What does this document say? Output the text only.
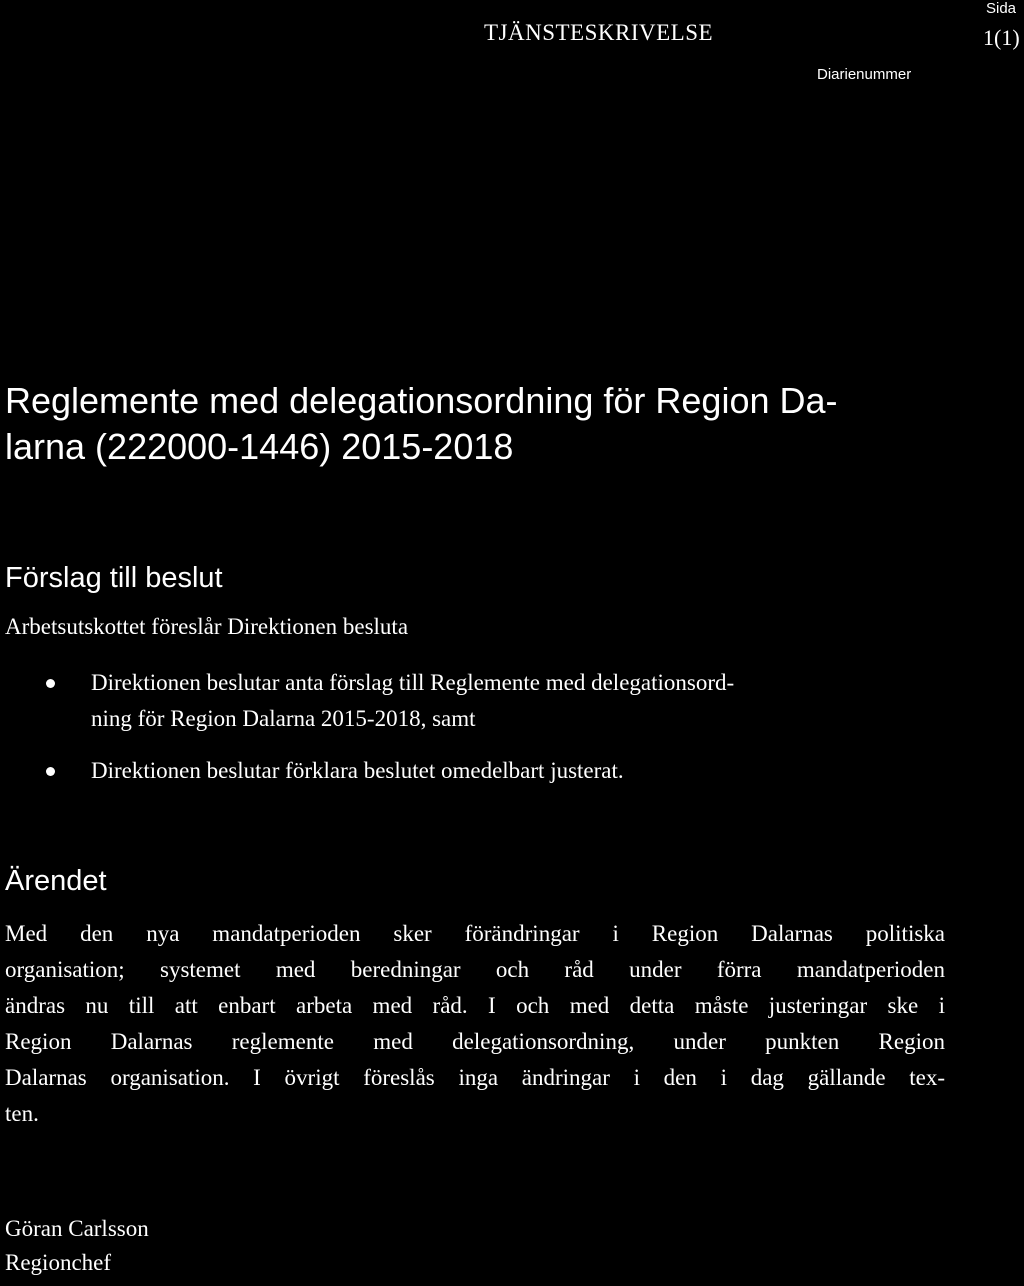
TJÄNSTESKRIVELSE
Sida
1(1)
Diarienummer
Reglemente med delegationsordning för Region Da-
larna (222000-1446) 2015-2018
Förslag till beslut
Arbetsutskottet föreslår Direktionen besluta
Direktionen beslutar anta förslag till Reglemente med delegationsord-
ning för Region Dalarna 2015-2018, samt
Direktionen beslutar förklara beslutet omedelbart justerat.
Ärendet
Med den nya mandatperioden sker förändringar i Region Dalarnas politiska
organisation; systemet med beredningar och råd under förra mandatperioden
ändras nu till att enbart arbeta med råd. I och med detta måste justeringar ske i
Region Dalarnas reglemente med delegationsordning, under punkten Region
Dalarnas organisation. I övrigt föreslås inga ändringar i den i dag gällande tex-
ten.
Göran Carlsson
Regionchef
